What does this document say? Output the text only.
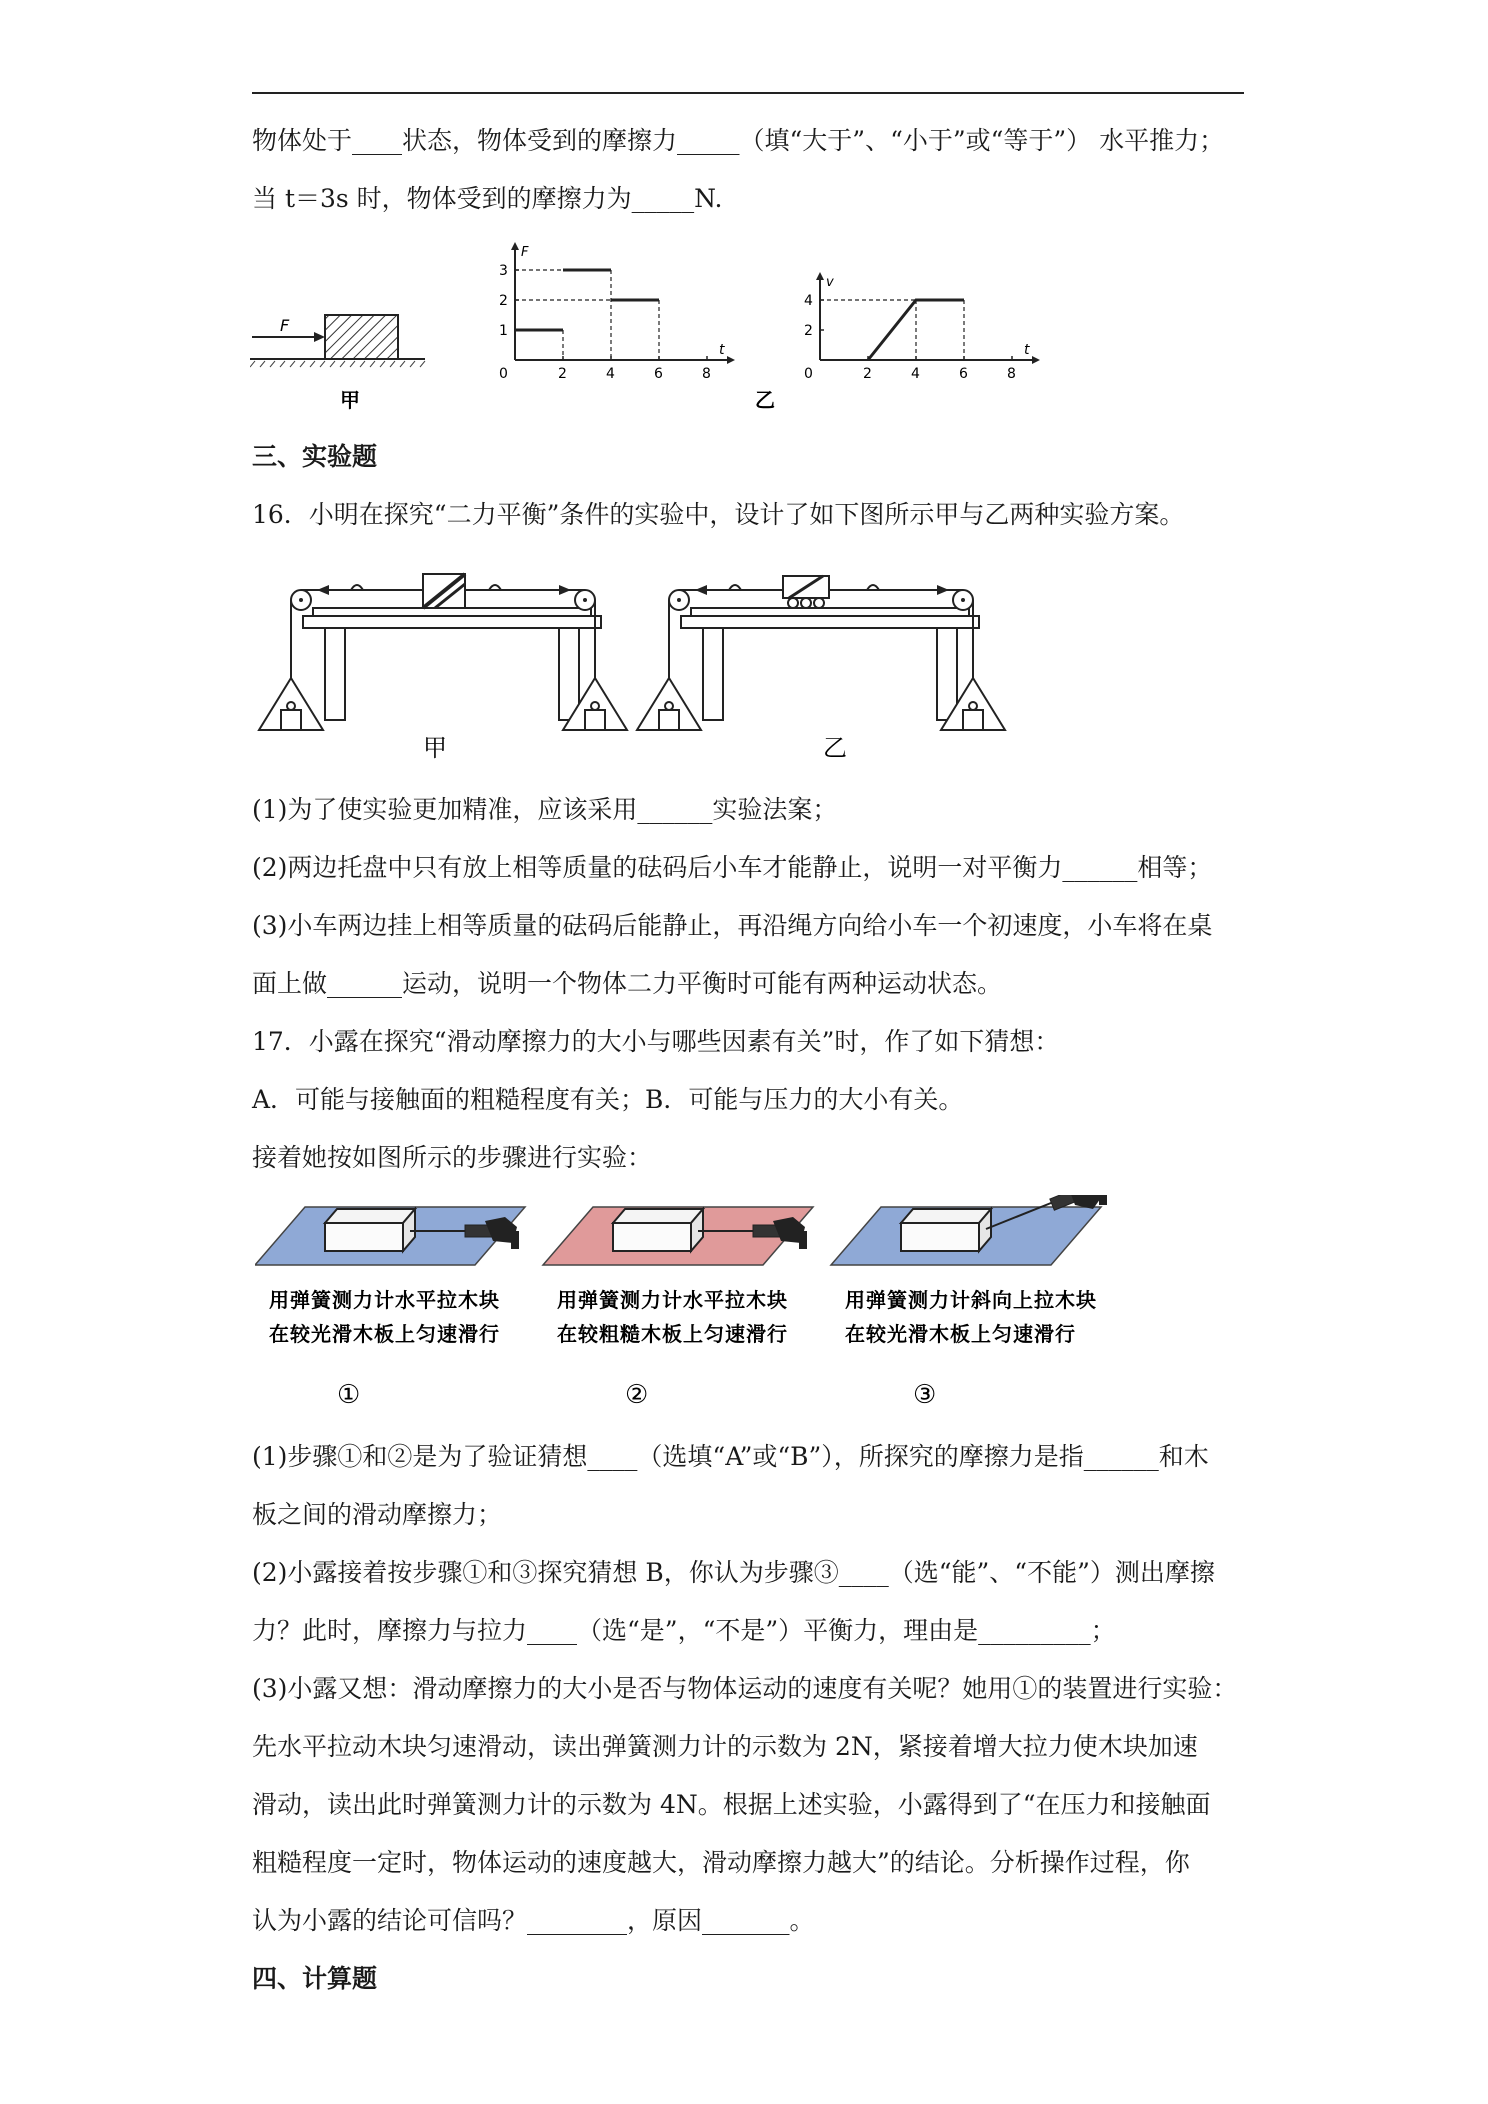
物体处于____状态，物体受到的摩擦力_____（填“大于”、“小于”或“等于”） 水平推力；
当 t＝3s 时，物体受到的摩擦力为_____N.
F
F
t
0	2	4	6	8
1
2
3
v
t
0	2	4	6	8
2
4
甲	乙
三、实验题
16．小明在探究“二力平衡”条件的实验中，设计了如下图所示甲与乙两种实验方案。
甲	乙
(1)为了使实验更加精准，应该采用______实验法案；
(2)两边托盘中只有放上相等质量的砝码后小车才能静止，说明一对平衡力______相等；
(3)小车两边挂上相等质量的砝码后能静止，再沿绳方向给小车一个初速度，小车将在桌
面上做______运动，说明一个物体二力平衡时可能有两种运动状态。
17．小露在探究“滑动摩擦力的大小与哪些因素有关”时，作了如下猜想：
A．可能与接触面的粗糙程度有关；B．可能与压力的大小有关。
接着她按如图所示的步骤进行实验：
用弹簧测力计水平拉木块
在较光滑木板上匀速滑行
①
用弹簧测力计水平拉木块
在较粗糙木板上匀速滑行
②
用弹簧测力计斜向上拉木块
在较光滑木板上匀速滑行
③
(1)步骤①和②是为了验证猜想____（选填“A”或“B”），所探究的摩擦力是指______和木
板之间的滑动摩擦力；
(2)小露接着按步骤①和③探究猜想 B，你认为步骤③____（选“能”、“不能”）测出摩擦
力？此时，摩擦力与拉力____（选“是”，“不是”）平衡力，理由是_________；
(3)小露又想：滑动摩擦力的大小是否与物体运动的速度有关呢？她用①的装置进行实验：
先水平拉动木块匀速滑动，读出弹簧测力计的示数为 2N，紧接着增大拉力使木块加速
滑动，读出此时弹簧测力计的示数为 4N。根据上述实验，小露得到了“在压力和接触面
粗糙程度一定时，物体运动的速度越大，滑动摩擦力越大”的结论。分析操作过程，你
认为小露的结论可信吗？________，原因_______。
四、计算题
